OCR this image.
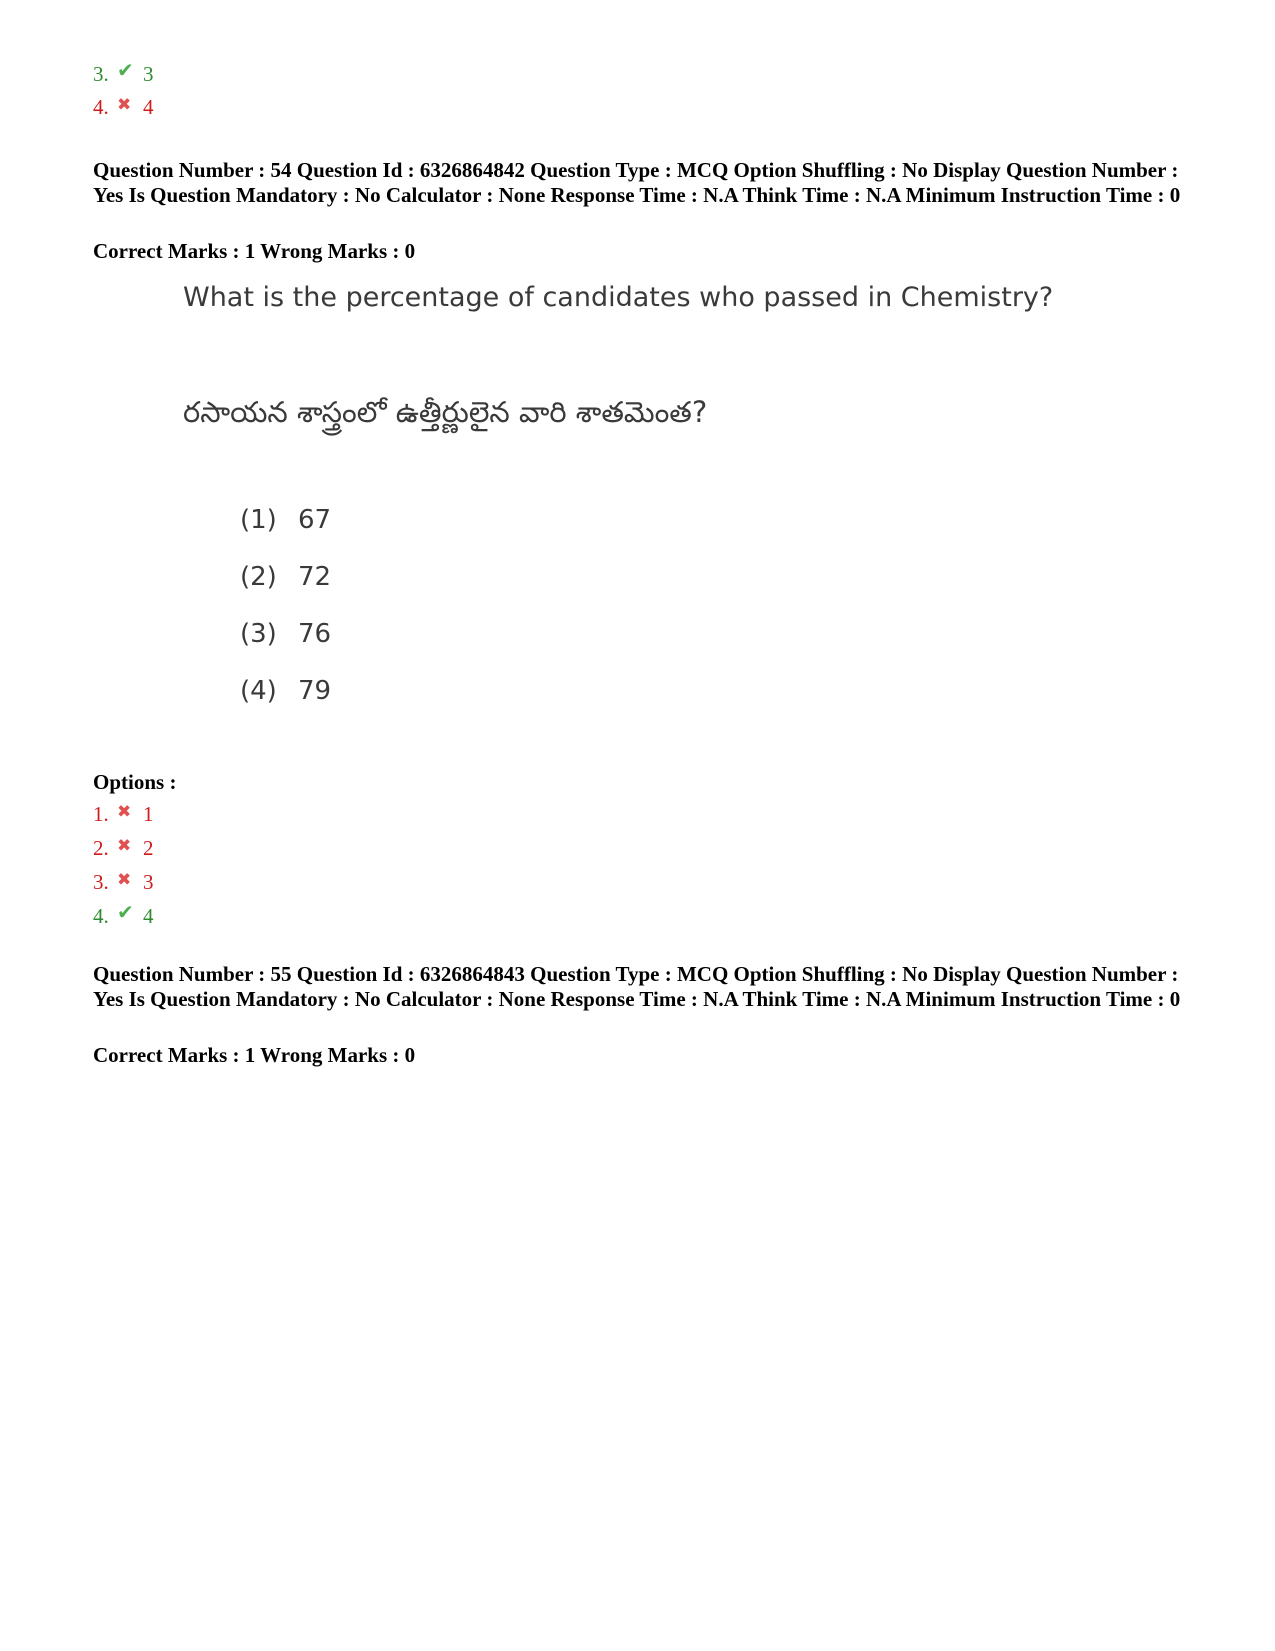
3. ✔ 3
4. ✖ 4
Question Number : 54 Question Id : 6326864842 Question Type : MCQ Option Shuffling : No Display Question Number : Yes Is Question Mandatory : No Calculator : None Response Time : N.A Think Time : N.A Minimum Instruction Time : 0
Correct Marks : 1 Wrong Marks : 0
What is the percentage of candidates who passed in Chemistry?
రసాయన శాస్త్రంలో ఉత్తీర్ణులైన వారి శాతమెంత?
(1) 67
(2) 72
(3) 76
(4) 79
Options :
1. ✖ 1
2. ✖ 2
3. ✖ 3
4. ✔ 4
Question Number : 55 Question Id : 6326864843 Question Type : MCQ Option Shuffling : No Display Question Number : Yes Is Question Mandatory : No Calculator : None Response Time : N.A Think Time : N.A Minimum Instruction Time : 0
Correct Marks : 1 Wrong Marks : 0
